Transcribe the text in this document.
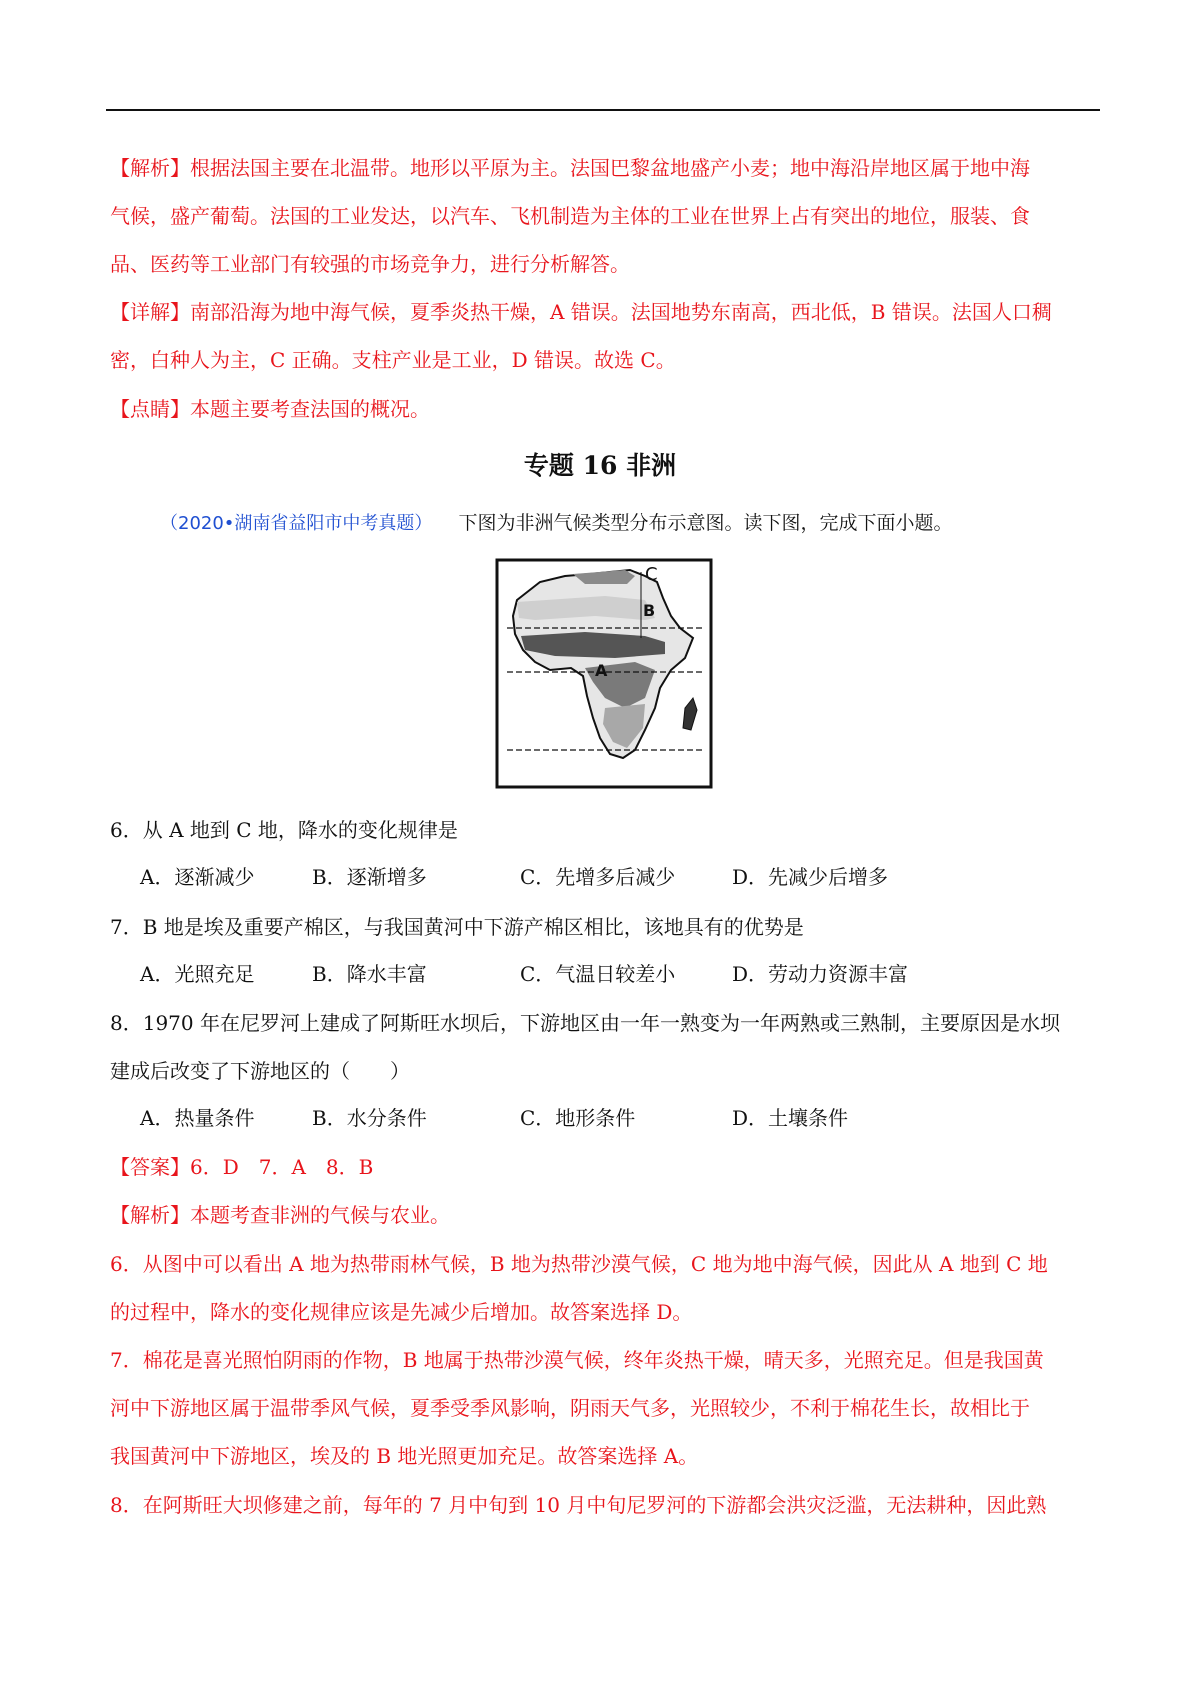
【解析】根据法国主要在北温带。地形以平原为主。法国巴黎盆地盛产小麦；地中海沿岸地区属于地中海
气候，盛产葡萄。法国的工业发达，以汽车、飞机制造为主体的工业在世界上占有突出的地位，服装、食
品、医药等工业部门有较强的市场竞争力，进行分析解答。
【详解】南部沿海为地中海气候，夏季炎热干燥，A 错误。法国地势东南高，西北低，B 错误。法国人口稠
密，白种人为主，C 正确。支柱产业是工业，D 错误。故选 C。
【点睛】本题主要考查法国的概况。
专题 16 非洲
（2020•湖南省益阳市中考真题） 下图为非洲气候类型分布示意图。读下图，完成下面小题。
C
B
A
6．从 A 地到 C 地，降水的变化规律是
A．逐渐减少	B．逐渐增多	C．先增多后减少	D．先减少后增多
7．B 地是埃及重要产棉区，与我国黄河中下游产棉区相比，该地具有的优势是
A．光照充足	B．降水丰富	C．气温日较差小	D．劳动力资源丰富
8．1970 年在尼罗河上建成了阿斯旺水坝后，下游地区由一年一熟变为一年两熟或三熟制，主要原因是水坝
建成后改变了下游地区的（　　）
A．热量条件	B．水分条件	C．地形条件	D．土壤条件
【答案】6．D　7．A　8．B
【解析】本题考查非洲的气候与农业。
6．从图中可以看出 A 地为热带雨林气候，B 地为热带沙漠气候，C 地为地中海气候，因此从 A 地到 C 地
的过程中，降水的变化规律应该是先减少后增加。故答案选择 D。
7．棉花是喜光照怕阴雨的作物，B 地属于热带沙漠气候，终年炎热干燥，晴天多，光照充足。但是我国黄
河中下游地区属于温带季风气候，夏季受季风影响，阴雨天气多，光照较少，不利于棉花生长，故相比于
我国黄河中下游地区，埃及的 B 地光照更加充足。故答案选择 A。
8．在阿斯旺大坝修建之前，每年的 7 月中旬到 10 月中旬尼罗河的下游都会洪灾泛滥，无法耕种，因此熟
